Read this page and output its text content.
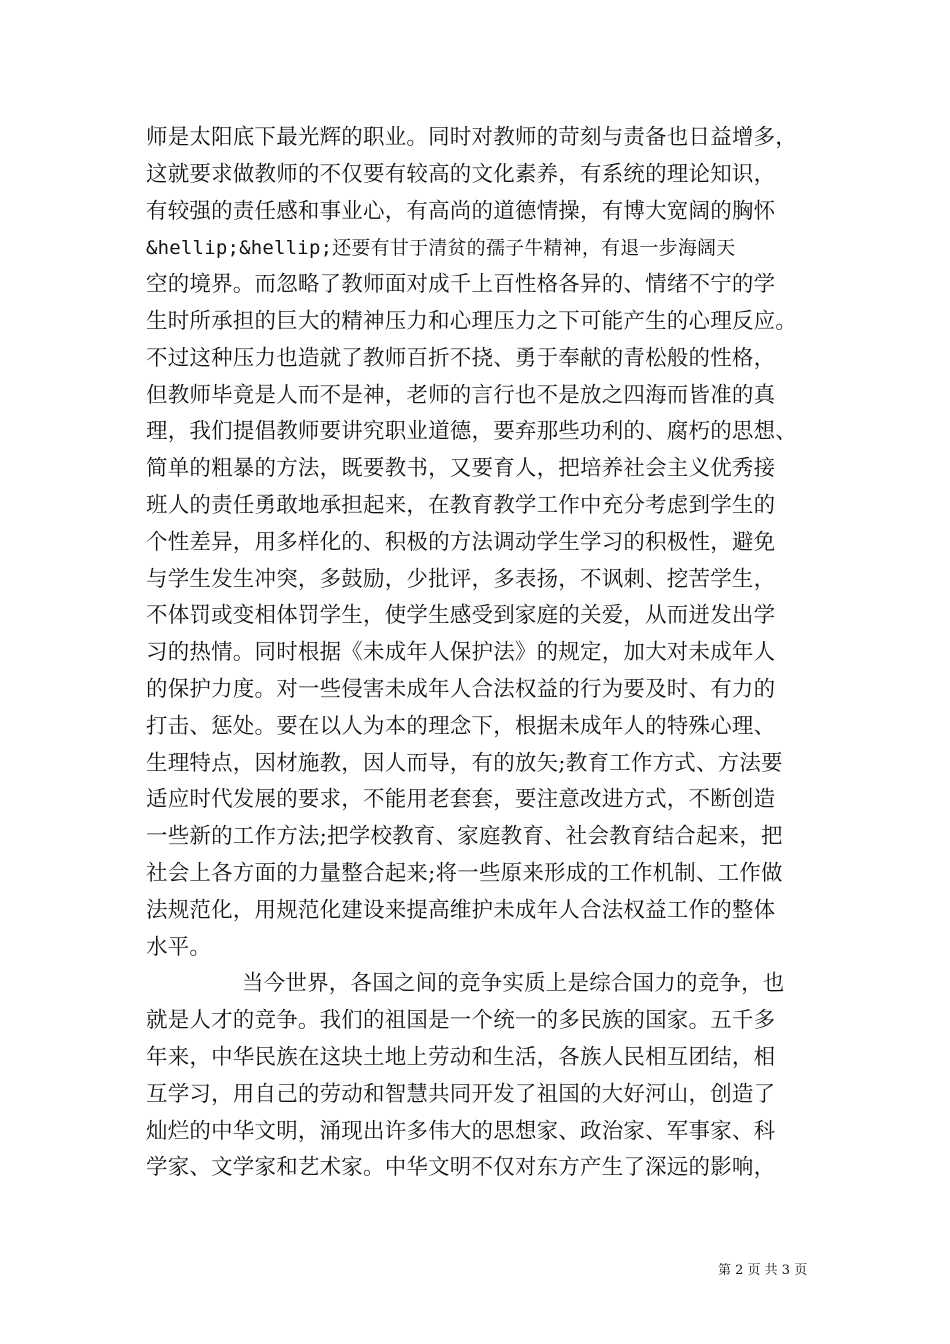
师是太阳底下最光辉的职业。同时对教师的苛刻与责备也日益增多，
这就要求做教师的不仅要有较高的文化素养，有系统的理论知识，
有较强的责任感和事业心，有高尚的道德情操，有博大宽阔的胸怀
&hellip;&hellip;还要有甘于清贫的孺子牛精神，有退一步海阔天
空的境界。而忽略了教师面对成千上百性格各异的、情绪不宁的学
生时所承担的巨大的精神压力和心理压力之下可能产生的心理反应。
不过这种压力也造就了教师百折不挠、勇于奉献的青松般的性格，
但教师毕竟是人而不是神，老师的言行也不是放之四海而皆准的真
理，我们提倡教师要讲究职业道德，要弃那些功利的、腐朽的思想、
简单的粗暴的方法，既要教书，又要育人，把培养社会主义优秀接
班人的责任勇敢地承担起来，在教育教学工作中充分考虑到学生的
个性差异，用多样化的、积极的方法调动学生学习的积极性，避免
与学生发生冲突，多鼓励，少批评，多表扬，不讽刺、挖苦学生，
不体罚或变相体罚学生，使学生感受到家庭的关爱，从而迸发出学
习的热情。同时根据《未成年人保护法》的规定，加大对未成年人
的保护力度。对一些侵害未成年人合法权益的行为要及时、有力的
打击、惩处。要在以人为本的理念下，根据未成年人的特殊心理、
生理特点，因材施教，因人而导，有的放矢;教育工作方式、方法要
适应时代发展的要求，不能用老套套，要注意改进方式，不断创造
一些新的工作方法;把学校教育、家庭教育、社会教育结合起来，把
社会上各方面的力量整合起来;将一些原来形成的工作机制、工作做
法规范化，用规范化建设来提高维护未成年人合法权益工作的整体
水平。
当今世界，各国之间的竞争实质上是综合国力的竞争，也
就是人才的竞争。我们的祖国是一个统一的多民族的国家。五千多
年来，中华民族在这块土地上劳动和生活，各族人民相互团结，相
互学习，用自己的劳动和智慧共同开发了祖国的大好河山，创造了
灿烂的中华文明，涌现出许多伟大的思想家、政治家、军事家、科
学家、文学家和艺术家。中华文明不仅对东方产生了深远的影响，
第 2 页 共 3 页
